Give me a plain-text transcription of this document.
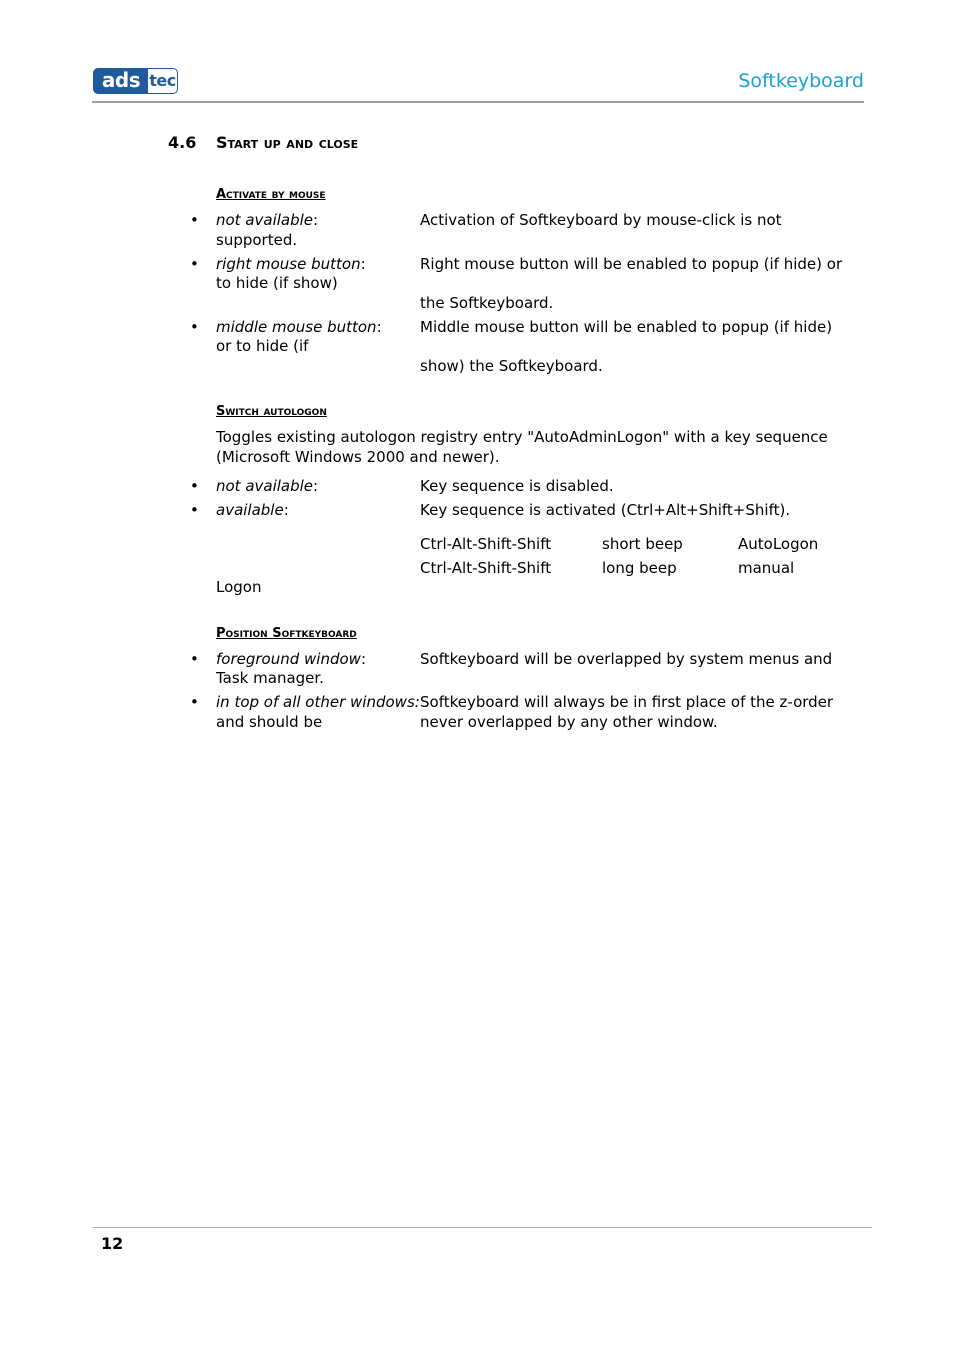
ads tec	Softkeyboard
4.6 Start up and close
Activate by mouse
• not available:	Activation of Softkeyboard by mouse-click is not
supported.
• right mouse button:	Right mouse button will be enabled to popup (if hide) or
to hide (if show)
the Softkeyboard.
• middle mouse button:	Middle mouse button will be enabled to popup (if hide)
or to hide (if
show) the Softkeyboard.
Switch autologon
Toggles existing autologon registry entry "AutoAdminLogon" with a key sequence
(Microsoft Windows 2000 and newer).
• not available:	Key sequence is disabled.
• available:	Key sequence is activated (Ctrl+Alt+Shift+Shift).
Ctrl-Alt-Shift-Shift	short beep	AutoLogon
Ctrl-Alt-Shift-Shift	long beep	manual
Logon
Position Softkeyboard
• foreground window:	Softkeyboard will be overlapped by system menus and
Task manager.
• in top of all other windows: Softkeyboard will always be in first place of the z-order
and should be	never overlapped by any other window.
12
